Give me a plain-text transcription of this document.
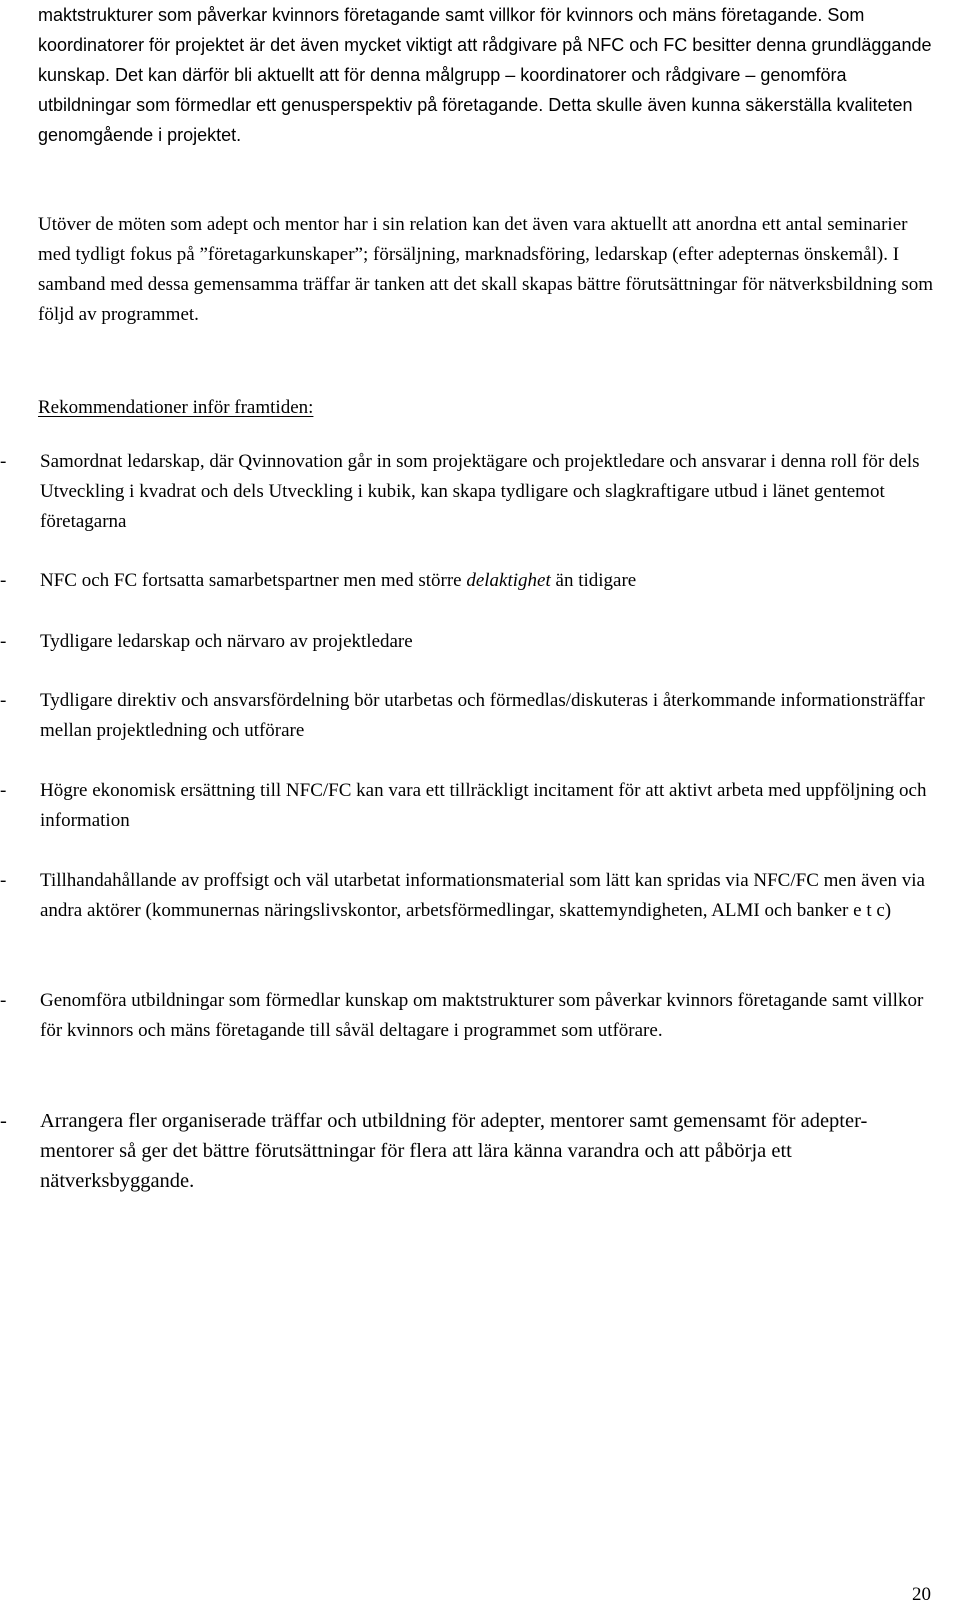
maktstrukturer som påverkar kvinnors företagande samt villkor för kvinnors och mäns företagande. Som koordinatorer för projektet är det även mycket viktigt att rådgivare på NFC och FC besitter denna grundläggande kunskap. Det kan därför bli aktuellt att för denna målgrupp – koordinatorer och rådgivare – genomföra utbildningar som förmedlar ett genusperspektiv på företagande. Detta skulle även kunna säkerställa kvaliteten genomgående i projektet.

Utöver de möten som adept och mentor har i sin relation kan det även vara aktuellt att anordna ett antal seminarier med tydligt fokus på ”företagarkunskaper”; försäljning, marknadsföring, ledarskap (efter adepternas önskemål). I samband med dessa gemensamma träffar är tanken att det skall skapas bättre förutsättningar för nätverksbildning som följd av programmet.

Rekommendationer inför framtiden:

-	Samordnat ledarskap, där Qvinnovation går in som projektägare och projektledare och ansvarar i denna roll för dels Utveckling i kvadrat och dels Utveckling i kubik, kan skapa tydligare och slagkraftigare utbud i länet gentemot företagarna
-	NFC och FC fortsatta samarbetspartner men med större delaktighet än tidigare
-	Tydligare ledarskap och närvaro av projektledare
-	Tydligare direktiv och ansvarsfördelning bör utarbetas och förmedlas/diskuteras i återkommande informationsträffar mellan projektledning och utförare
-	Högre ekonomisk ersättning till NFC/FC kan vara ett tillräckligt incitament för att aktivt arbeta med uppföljning och information
-	Tillhandahållande av proffsigt och väl utarbetat informationsmaterial som lätt kan spridas via NFC/FC men även via andra aktörer (kommunernas näringslivskontor, arbetsförmedlingar, skattemyndigheten, ALMI och banker e t c)
-	Genomföra utbildningar som förmedlar kunskap om maktstrukturer som påverkar kvinnors företagande samt villkor för kvinnors och mäns företagande till såväl deltagare i programmet som utförare.
-	Arrangera fler organiserade träffar och utbildning för adepter, mentorer samt gemensamt för adepter-mentorer så ger det bättre förutsättningar för flera att lära känna varandra och att påbörja ett nätverksbyggande.
20
